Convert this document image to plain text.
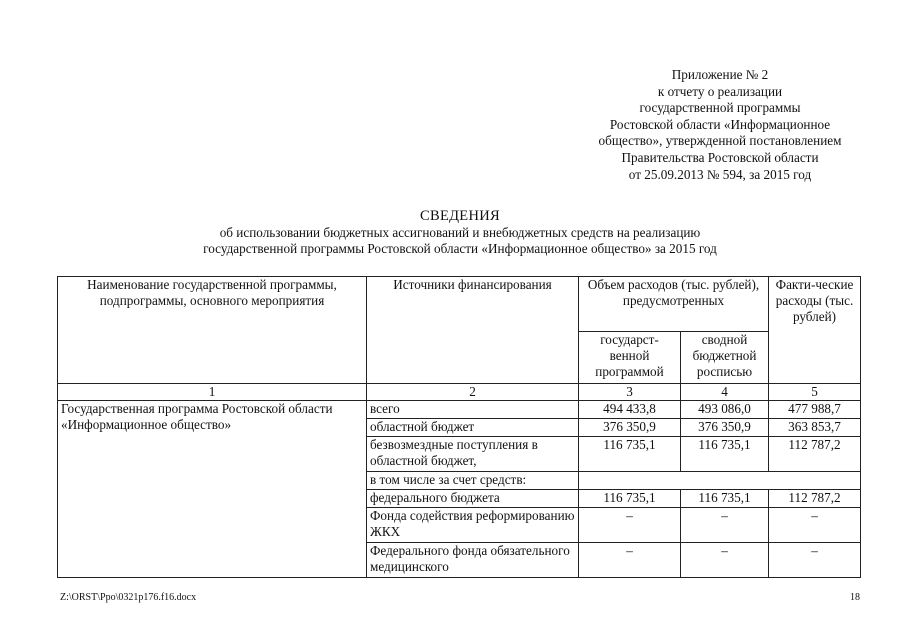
Приложение № 2
к отчету о реализации
государственной программы
Ростовской области «Информационное
общество», утвержденной постановлением
Правительства Ростовской области
от 25.09.2013 № 594, за 2015 год
СВЕДЕНИЯ
об использовании бюджетных ассигнований и внебюджетных средств на реализацию
государственной программы Ростовской области «Информационное общество» за 2015 год
Наименование государственной программы, подпрограммы, основного мероприятия	Источники финансирования	Объем расходов (тыс. рублей), предусмотренных		Факти-ческие расходы (тыс. рублей)
		государст-венной программой	сводной бюджетной росписью	
1	2	3	4	5
Государственная программа Ростовской области «Информационное общество»	всего	494 433,8	493 086,0	477 988,7
	областной бюджет	376 350,9	376 350,9	363 853,7
	безвозмездные поступления в областной бюджет,	116 735,1	116 735,1	112 787,2
	в том числе за счет средств:			
	федерального бюджета	116 735,1	116 735,1	112 787,2
	Фонда содействия реформированию ЖКХ	–	–	–
	Федерального фонда обязательного медицинского	–	–	–
Z:\ORST\Ppo\0321p176.f16.docx	18
